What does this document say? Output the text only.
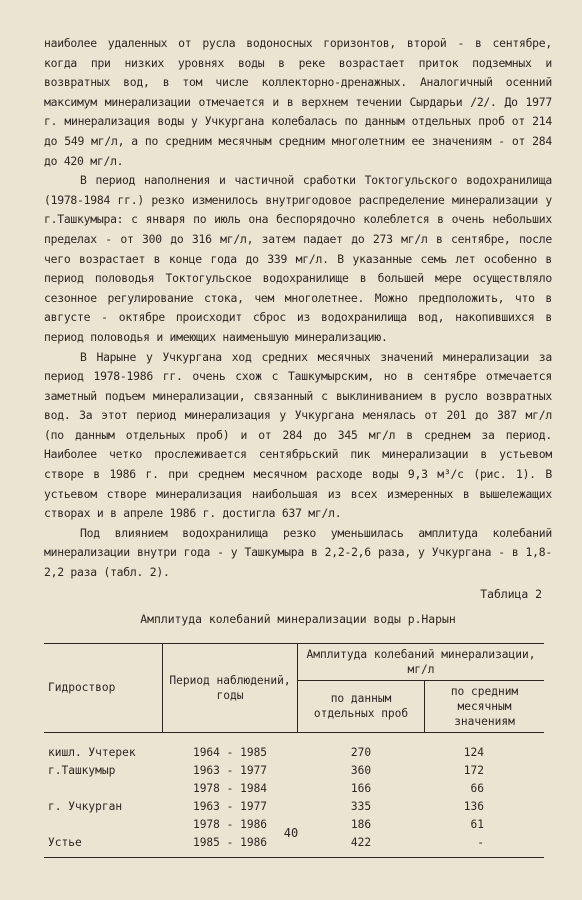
наиболее удаленных от русла водоносных горизонтов, второй - в сентябре, когда при низких уровнях воды в реке возрастает приток подземных и возвратных вод, в том числе коллекторно-дренажных. Аналогичный осенний максимум минерализации отмечается и в верхнем течении Сырдарьи /2/. До 1977 г. минерализация воды у Учкургана колебалась по данным отдельных проб от 214 до 549 мг/л, а по средним месячным средним многолетним ее значениям - от 284 до 420 мг/л.

В период наполнения и частичной сработки Токтогульского водохранилища (1978-1984 гг.) резко изменилось внутригодовое распределение минерализации у г.Ташкумыра: с января по июль она беспорядочно колеблется в очень небольших пределах - от 300 до 316 мг/л, затем падает до 273 мг/л в сентябре, после чего возрастает в конце года до 339 мг/л. В указанные семь лет особенно в период половодья Токтогульское водохранилище в большей мере осуществляло сезонное регулирование стока, чем многолетнее. Можно предположить, что в августе - октябре происходит сброс из водохранилища вод, накопившихся в период половодья и имеющих наименьшую минерализацию.

В Нарыне у Учкургана ход средних месячных значений минерализации за период 1978-1986 гг. очень схож с Ташкумырским, но в сентябре отмечается заметный подъем минерализации, связанный с выклиниванием в русло возвратных вод. За этот период минерализация у Учкургана менялась от 201 до 387 мг/л (по данным отдельных проб) и от 284 до 345 мг/л в среднем за период. Наиболее четко прослеживается сентябрьский пик минерализации в устьевом створе в 1986 г. при среднем месячном расходе воды 9,3 м³/с (рис. 1). В устьевом створе минерализация наибольшая из всех измеренных в вышележащих створах и в апреле 1986 г. достигла 637 мг/л.

Под влиянием водохранилища резко уменьшилась амплитуда колебаний минерализации внутри года - у Ташкумыра в 2,2-2,6 раза, у Учкургана - в 1,8-2,2 раза (табл. 2).

Таблица 2
Амплитуда колебаний минерализации воды р.Нарын
Гидроствор	Период наблюдений, годы	Амплитуда колебаний минерализации, мг/л	
		по данным отдельных проб	по средним месячным значениям
кишл. Учтерек	1964 - 1985	270	124
г.Ташкумыр	1963 - 1977	360	172
	1978 - 1984	166	66
г. Учкурган	1963 - 1977	335	136
	1978 - 1986	186	61
Устье	1985 - 1986	422	-
40
